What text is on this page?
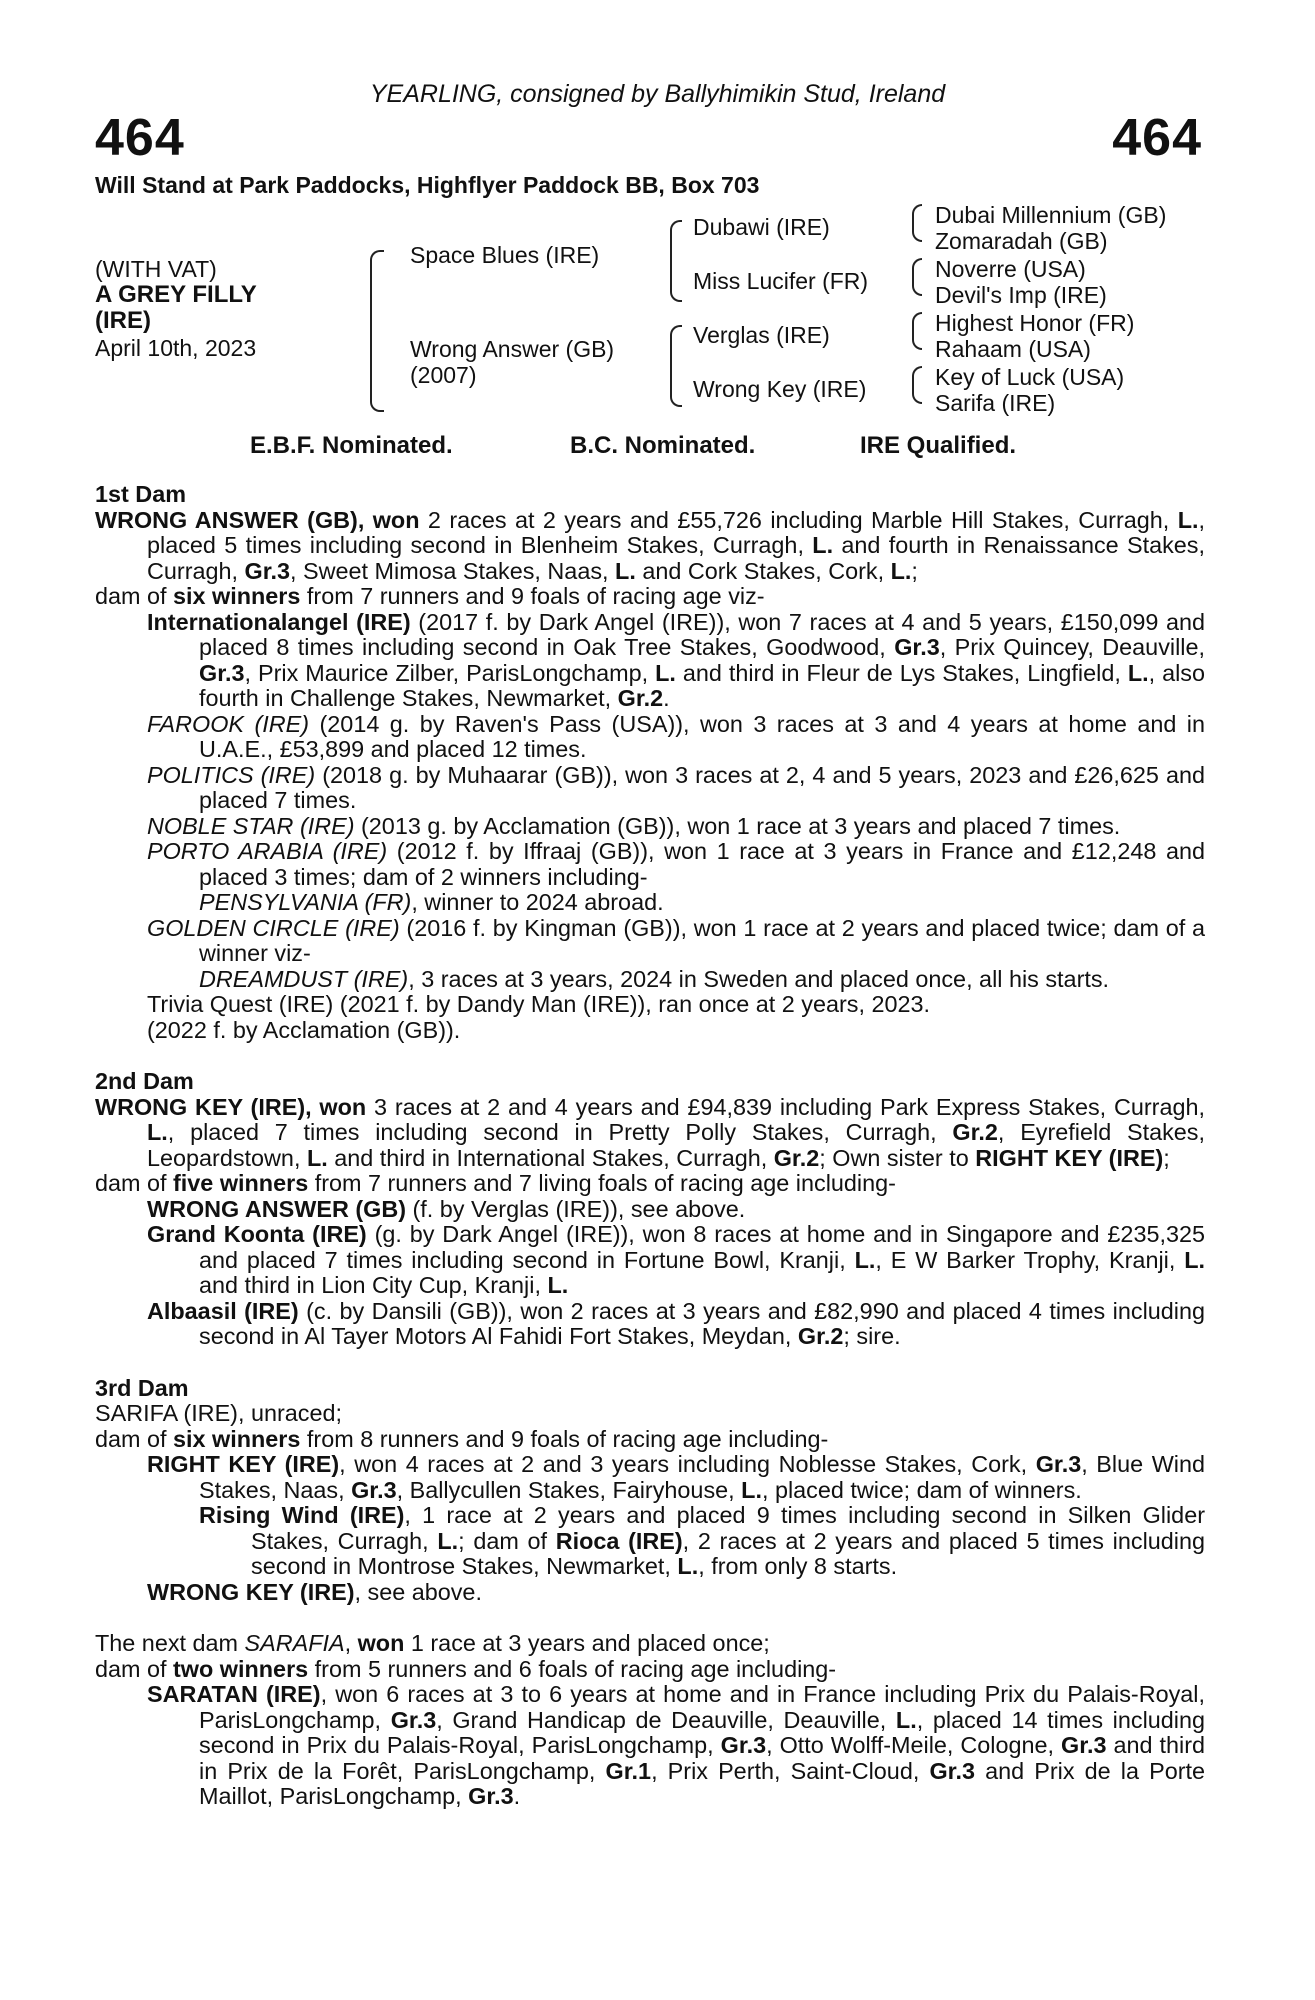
YEARLING, consigned by Ballyhimikin Stud, Ireland
464	464
Will Stand at Park Paddocks, Highflyer Paddock BB, Box 703
(WITH VAT)
A GREY FILLY
(IRE)
April 10th, 2023
Space Blues (IRE)
Wrong Answer (GB)
(2007)
Dubawi (IRE)
Miss Lucifer (FR)
Verglas (IRE)
Wrong Key (IRE)
Dubai Millennium (GB)
Zomaradah (GB)
Noverre (USA)
Devil's Imp (IRE)
Highest Honor (FR)
Rahaam (USA)
Key of Luck (USA)
Sarifa (IRE)
E.B.F. Nominated.	B.C. Nominated.	IRE Qualified.

1st Dam

WRONG ANSWER (GB), won 2 races at 2 years and £55,726 including Marble Hill Stakes, Curragh, L., placed 5 times including second in Blenheim Stakes, Curragh, L. and fourth in Renaissance Stakes, Curragh, Gr.3, Sweet Mimosa Stakes, Naas, L. and Cork Stakes, Cork, L.;

dam of six winners from 7 runners and 9 foals of racing age viz-

Internationalangel (IRE) (2017 f. by Dark Angel (IRE)), won 7 races at 4 and 5 years, £150,099 and placed 8 times including second in Oak Tree Stakes, Goodwood, Gr.3, Prix Quincey, Deauville, Gr.3, Prix Maurice Zilber, ParisLongchamp, L. and third in Fleur de Lys Stakes, Lingfield, L., also fourth in Challenge Stakes, Newmarket, Gr.2.

FAROOK (IRE) (2014 g. by Raven's Pass (USA)), won 3 races at 3 and 4 years at home and in U.A.E., £53,899 and placed 12 times.

POLITICS (IRE) (2018 g. by Muhaarar (GB)), won 3 races at 2, 4 and 5 years, 2023 and £26,625 and placed 7 times.

NOBLE STAR (IRE) (2013 g. by Acclamation (GB)), won 1 race at 3 years and placed 7 times.

PORTO ARABIA (IRE) (2012 f. by Iffraaj (GB)), won 1 race at 3 years in France and £12,248 and placed 3 times; dam of 2 winners including-

PENSYLVANIA (FR), winner to 2024 abroad.

GOLDEN CIRCLE (IRE) (2016 f. by Kingman (GB)), won 1 race at 2 years and placed twice; dam of a winner viz-

DREAMDUST (IRE), 3 races at 3 years, 2024 in Sweden and placed once, all his starts.

Trivia Quest (IRE) (2021 f. by Dandy Man (IRE)), ran once at 2 years, 2023.

(2022 f. by Acclamation (GB)).

2nd Dam

WRONG KEY (IRE), won 3 races at 2 and 4 years and £94,839 including Park Express Stakes, Curragh, L., placed 7 times including second in Pretty Polly Stakes, Curragh, Gr.2, Eyrefield Stakes, Leopardstown, L. and third in International Stakes, Curragh, Gr.2; Own sister to RIGHT KEY (IRE);

dam of five winners from 7 runners and 7 living foals of racing age including-

WRONG ANSWER (GB) (f. by Verglas (IRE)), see above.

Grand Koonta (IRE) (g. by Dark Angel (IRE)), won 8 races at home and in Singapore and £235,325 and placed 7 times including second in Fortune Bowl, Kranji, L., E W Barker Trophy, Kranji, L. and third in Lion City Cup, Kranji, L.

Albaasil (IRE) (c. by Dansili (GB)), won 2 races at 3 years and £82,990 and placed 4 times including second in Al Tayer Motors Al Fahidi Fort Stakes, Meydan, Gr.2; sire.

3rd Dam

SARIFA (IRE), unraced;

dam of six winners from 8 runners and 9 foals of racing age including-

RIGHT KEY (IRE), won 4 races at 2 and 3 years including Noblesse Stakes, Cork, Gr.3, Blue Wind Stakes, Naas, Gr.3, Ballycullen Stakes, Fairyhouse, L., placed twice; dam of winners.

Rising Wind (IRE), 1 race at 2 years and placed 9 times including second in Silken Glider Stakes, Curragh, L.; dam of Rioca (IRE), 2 races at 2 years and placed 5 times including second in Montrose Stakes, Newmarket, L., from only 8 starts.

WRONG KEY (IRE), see above.

The next dam SARAFIA, won 1 race at 3 years and placed once;

dam of two winners from 5 runners and 6 foals of racing age including-

SARATAN (IRE), won 6 races at 3 to 6 years at home and in France including Prix du Palais-Royal, ParisLongchamp, Gr.3, Grand Handicap de Deauville, Deauville, L., placed 14 times including second in Prix du Palais-Royal, ParisLongchamp, Gr.3, Otto Wolff-Meile, Cologne, Gr.3 and third in Prix de la Forêt, ParisLongchamp, Gr.1, Prix Perth, Saint-Cloud, Gr.3 and Prix de la Porte Maillot, ParisLongchamp, Gr.3.
